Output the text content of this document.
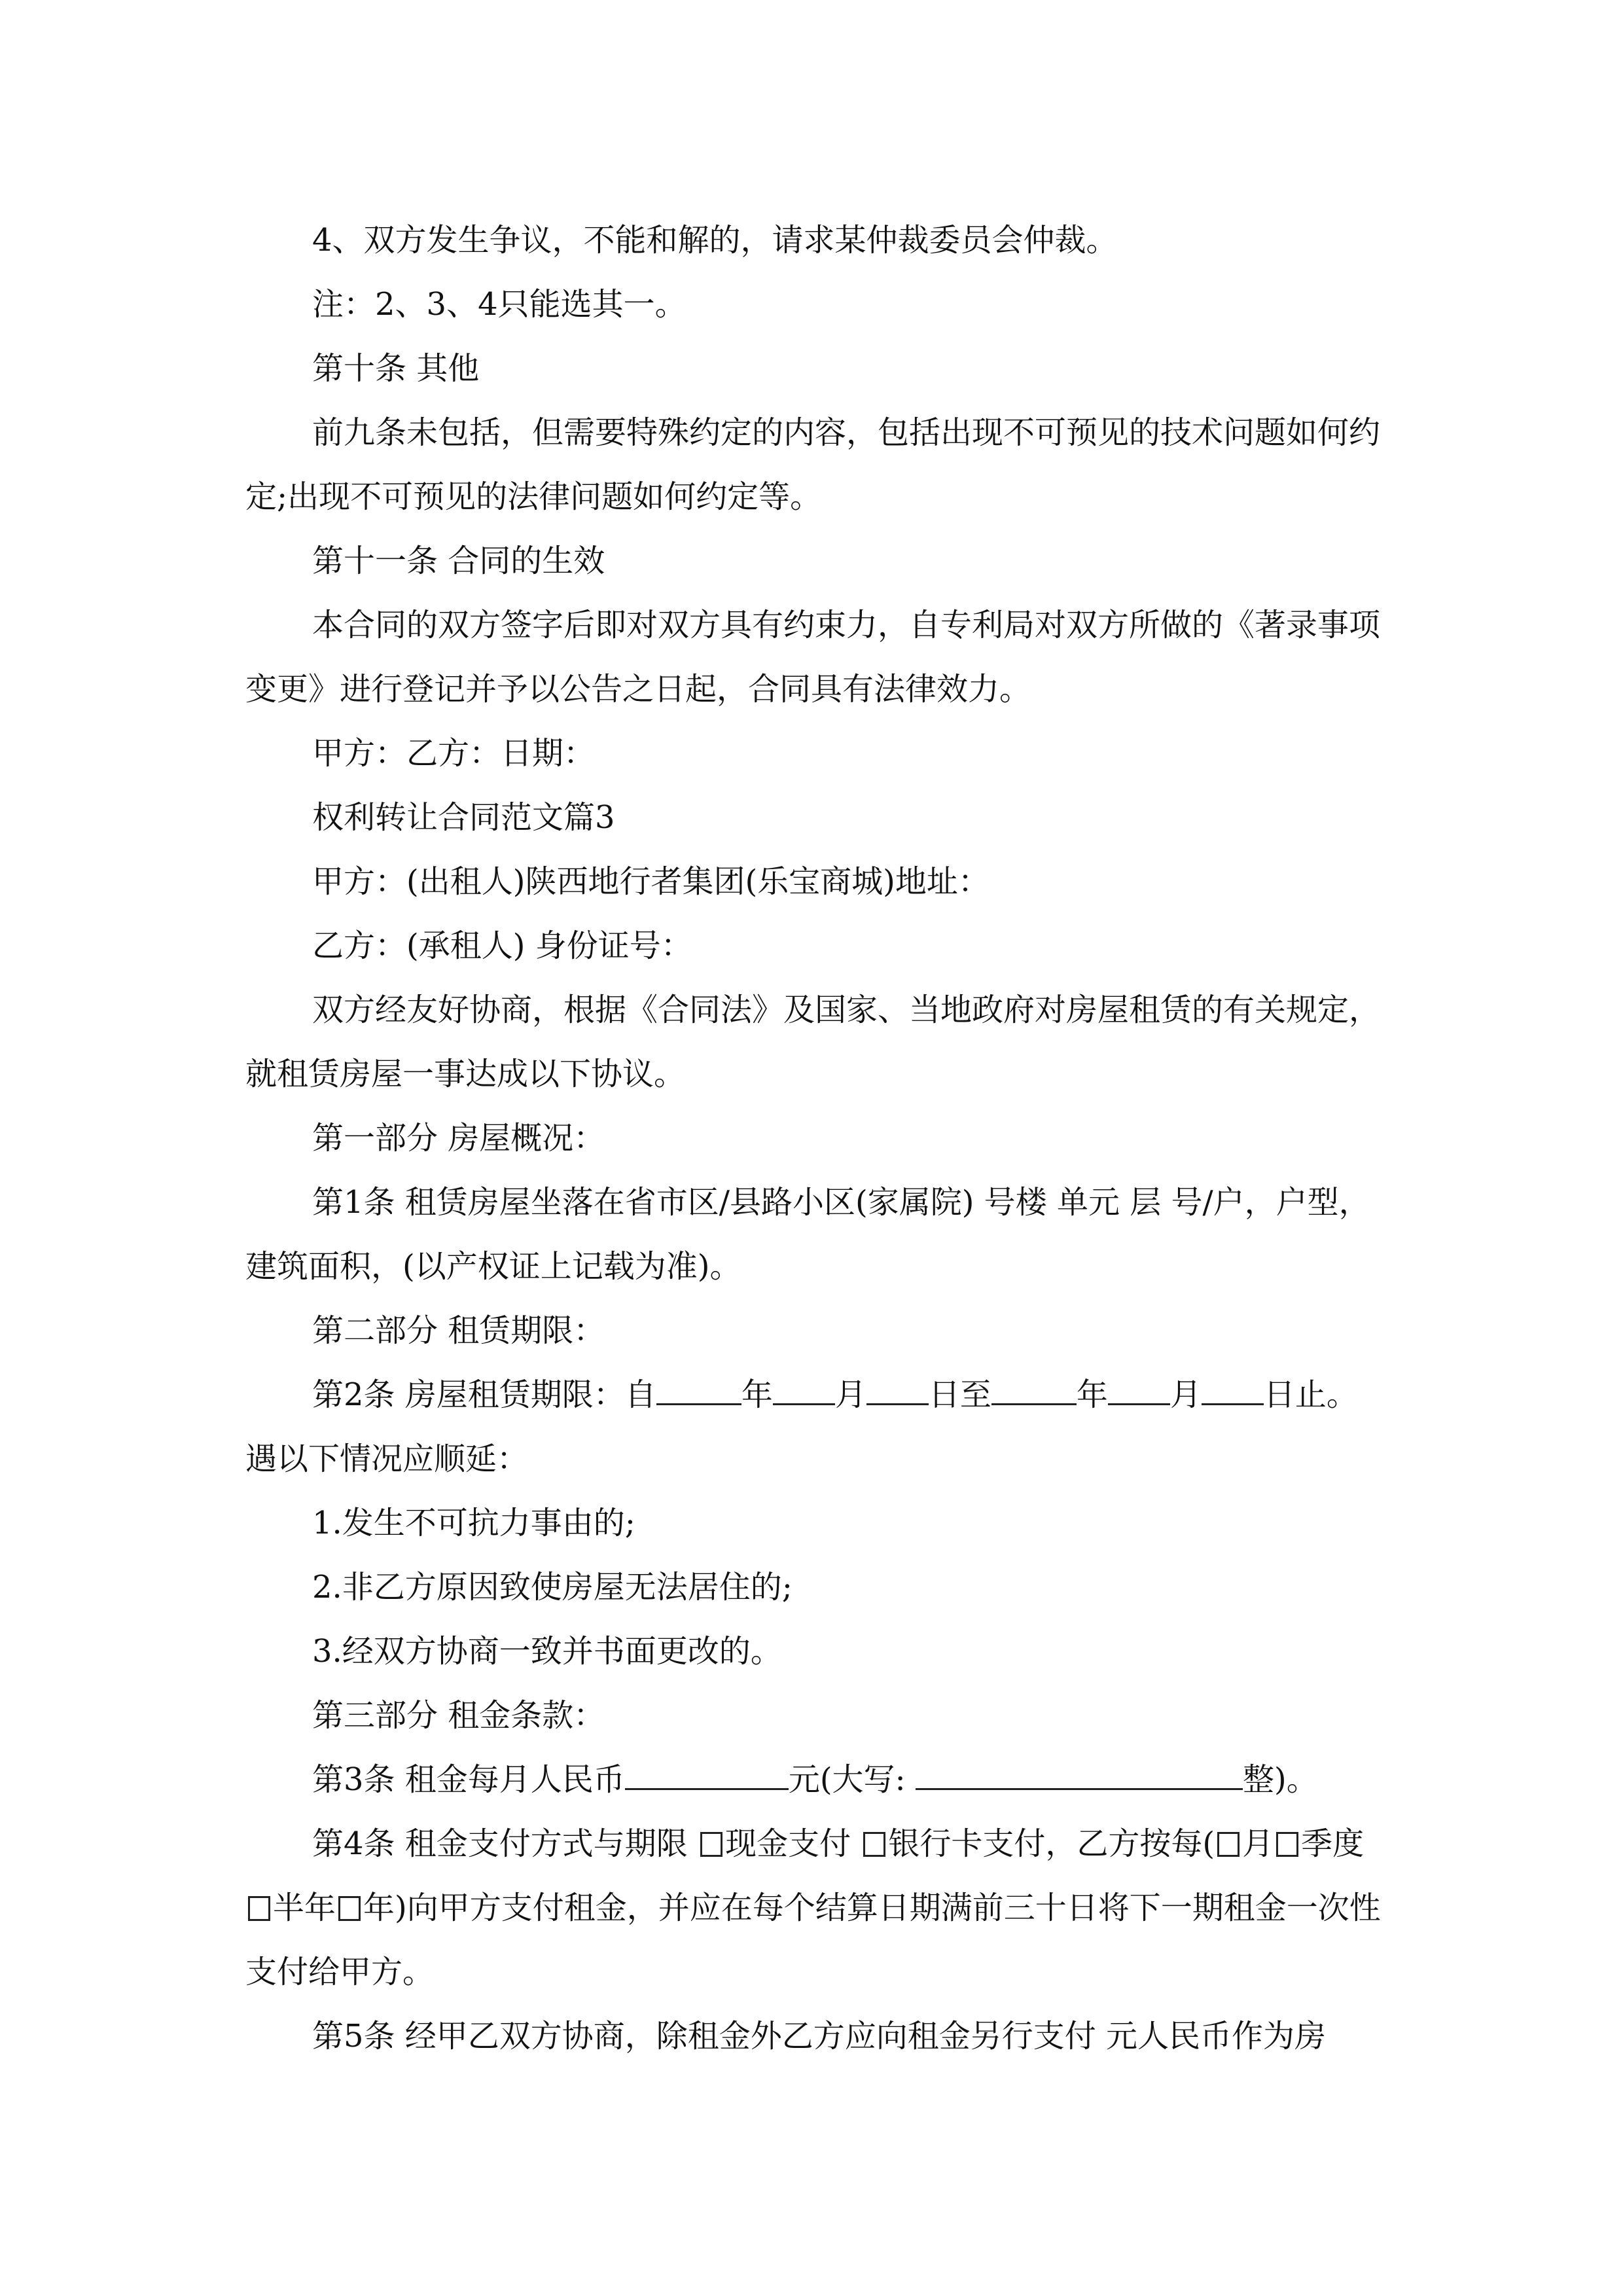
4、双方发生争议，不能和解的，请求某仲裁委员会仲裁。

注：2、3、4只能选其一。

第十条 其他

前九条未包括，但需要特殊约定的内容，包括出现不可预见的技术问题如何约定;出现不可预见的法律问题如何约定等。

第十一条 合同的生效

本合同的双方签字后即对双方具有约束力，自专利局对双方所做的《著录事项变更》进行登记并予以公告之日起，合同具有法律效力。

甲方：乙方：日期：

权利转让合同范文篇3

甲方：(出租人)陕西地行者集团(乐宝商城)地址：

乙方：(承租人) 身份证号：

双方经友好协商，根据《合同法》及国家、当地政府对房屋租赁的有关规定，就租赁房屋一事达成以下协议。

第一部分 房屋概况：

第1条 租赁房屋坐落在省市区/县路小区(家属院) 号楼 单元 层 号/户，户型，建筑面积，(以产权证上记载为准)。

第二部分 租赁期限：

第2条 房屋租赁期限：自	年 月 日至	年 月 日止。遇以下情况应顺延：

1.发生不可抗力事由的;

2.非乙方原因致使房屋无法居住的;

3.经双方协商一致并书面更改的。

第三部分 租金条款：

第3条 租金每月人民币	元(大写:	整)。

第4条 租金支付方式与期限 现金支付 银行卡支付，乙方按每( 月 季度半年 年)向甲方支付租金，并应在每个结算日期满前三十日将下一期租金一次性支付给甲方。

第5条 经甲乙双方协商，除租金外乙方应向租金另行支付 元人民币作为房
